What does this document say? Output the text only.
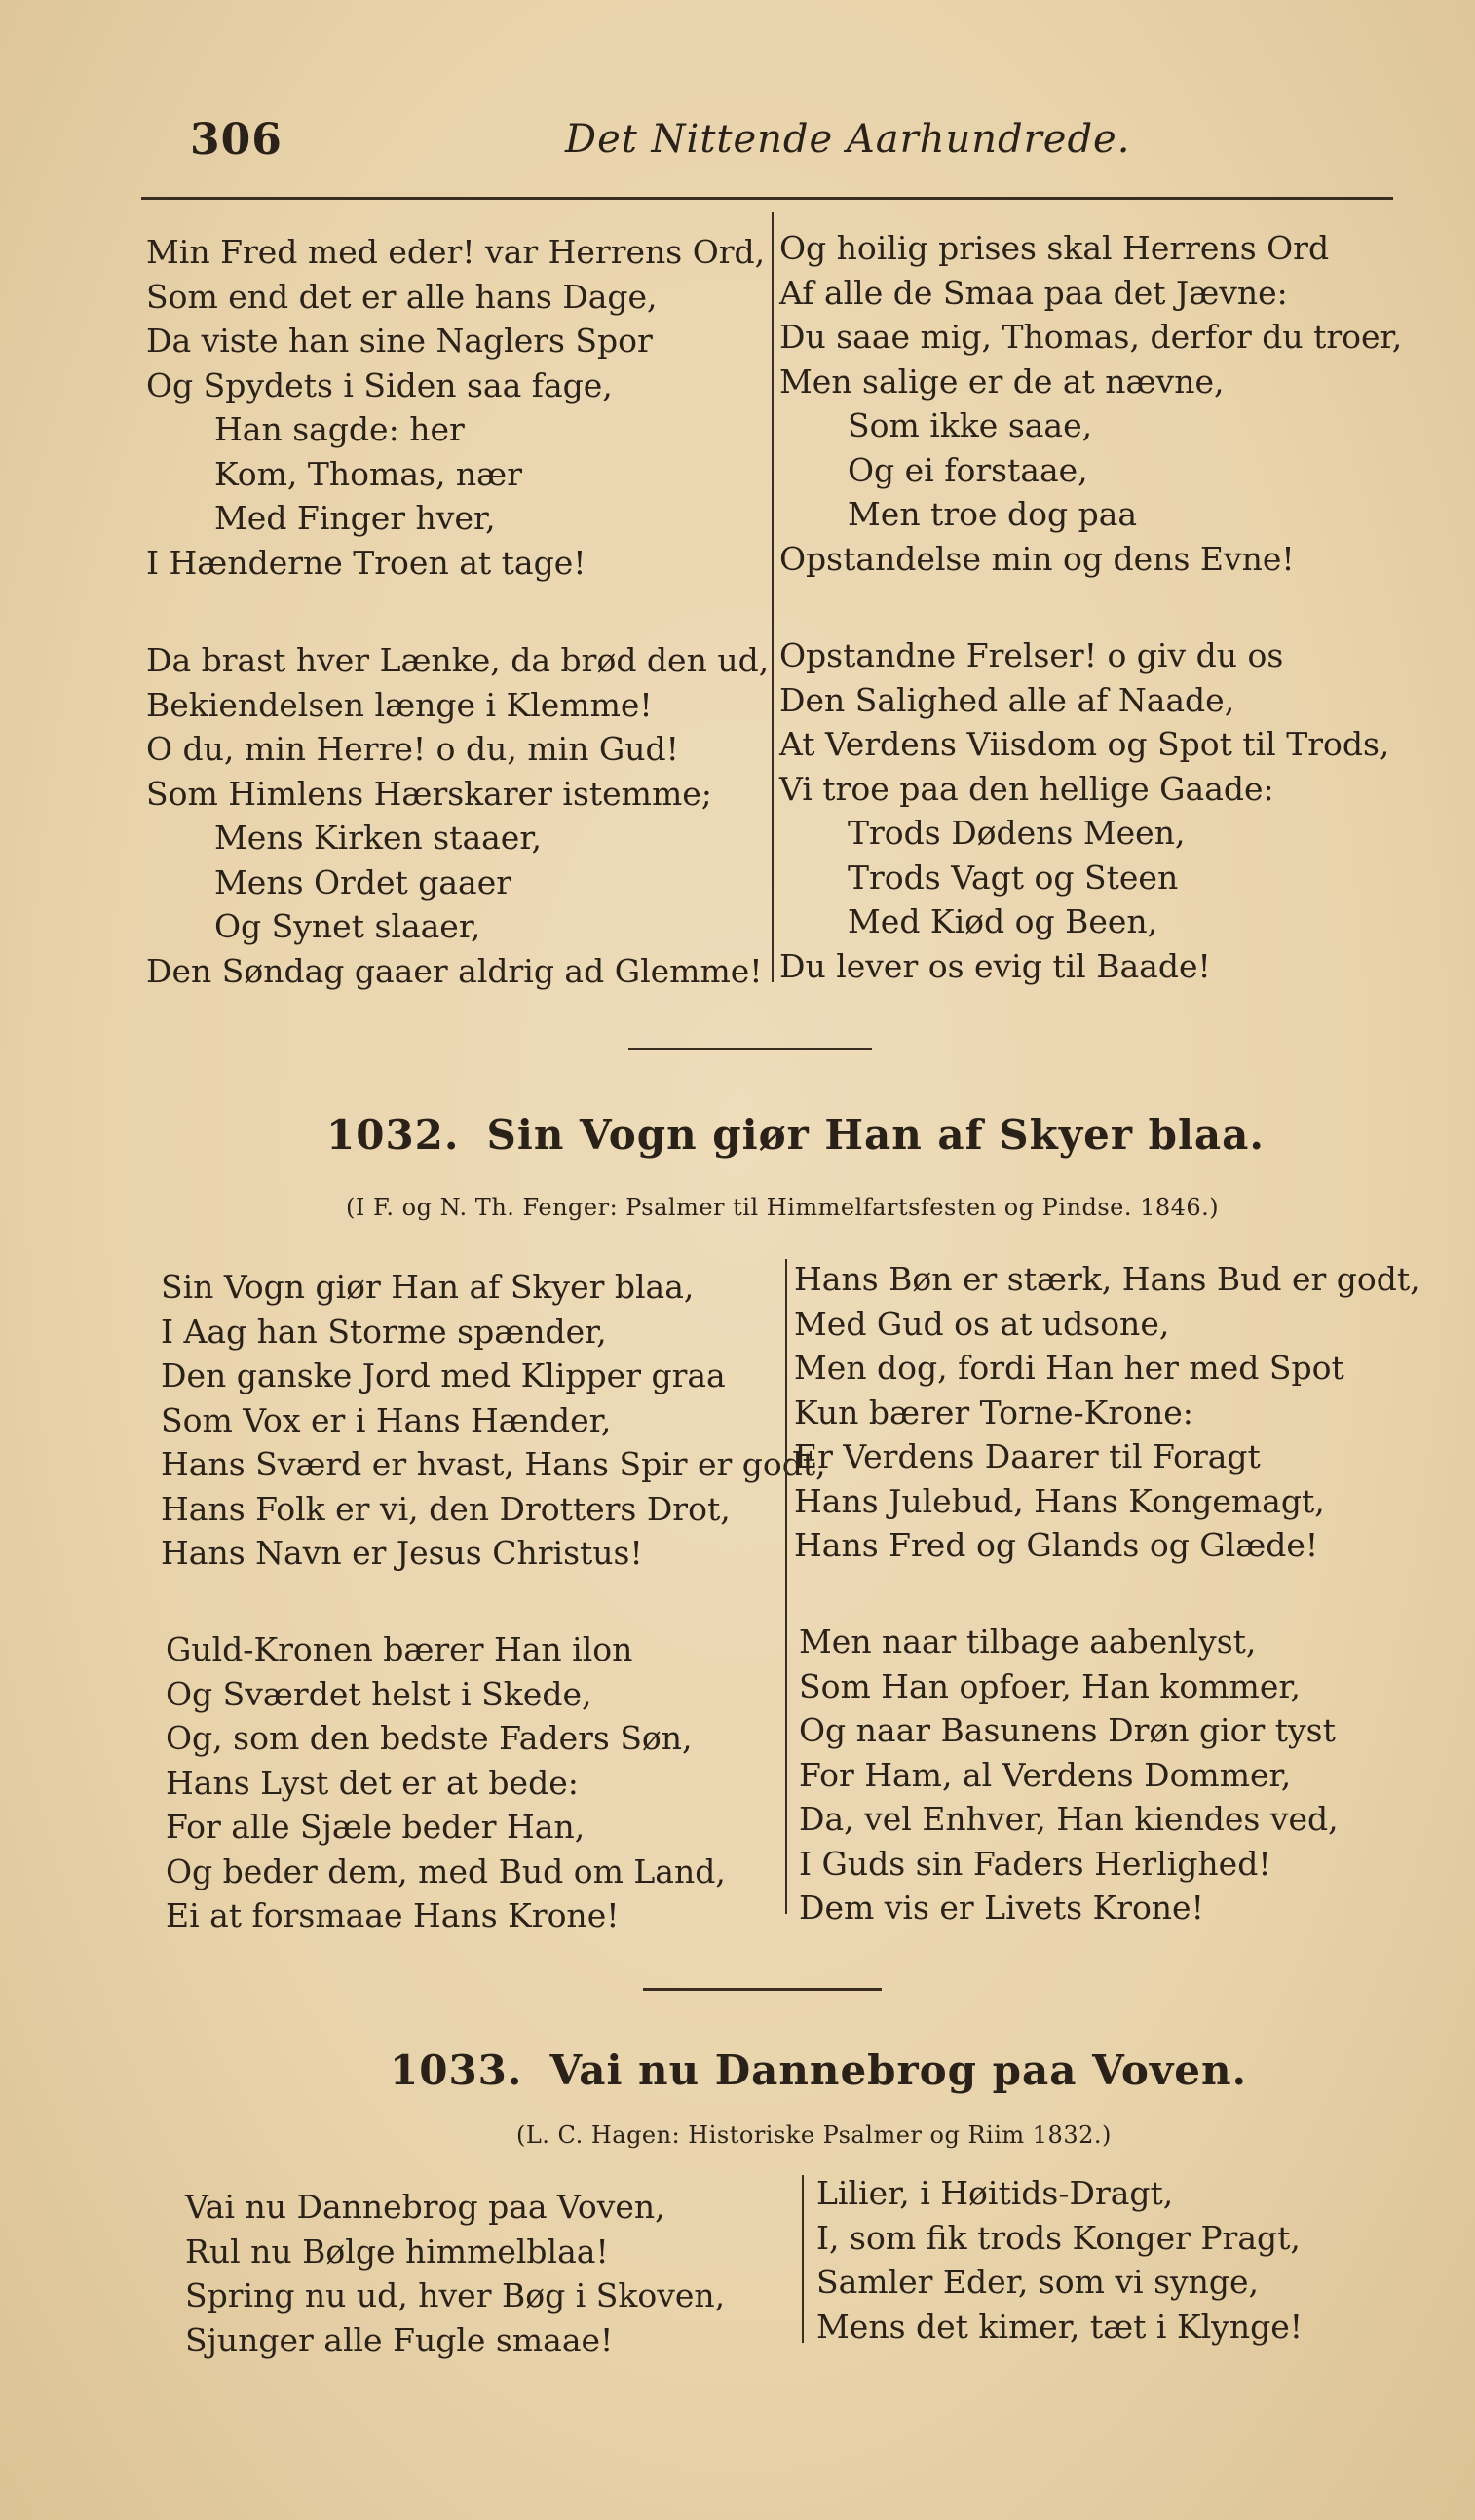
306	Det Nittende Aarhundrede.
Min Fred med eder! var Herrens Ord,
Som end det er alle hans Dage,
Da viste han sine Naglers Spor
Og Spydets i Siden saa fage,
Han sagde: her
Kom, Thomas, nær
Med Finger hver,
I Hænderne Troen at tage!
Da brast hver Lænke, da brød den ud,
Bekiendelsen længe i Klemme!
O du, min Herre! o du, min Gud!
Som Himlens Hærskarer istemme;
Mens Kirken staaer,
Mens Ordet gaaer
Og Synet slaaer,
Den Søndag gaaer aldrig ad Glemme!
Og hoilig prises skal Herrens Ord
Af alle de Smaa paa det Jævne:
Du saae mig, Thomas, derfor du troer,
Men salige er de at nævne,
Som ikke saae,
Og ei forstaae,
Men troe dog paa
Opstandelse min og dens Evne!
Opstandne Frelser! o giv du os
Den Salighed alle af Naade,
At Verdens Viisdom og Spot til Trods,
Vi troe paa den hellige Gaade:
Trods Dødens Meen,
Trods Vagt og Steen
Med Kiød og Been,
Du lever os evig til Baade!
1032. Sin Vogn giør Han af Skyer blaa.
(I F. og N. Th. Fenger: Psalmer til Himmelfartsfesten og Pindse. 1846.)
Sin Vogn giør Han af Skyer blaa,
I Aag han Storme spænder,
Den ganske Jord med Klipper graa
Som Vox er i Hans Hænder,
Hans Sværd er hvast, Hans Spir er godt,
Hans Folk er vi, den Drotters Drot,
Hans Navn er Jesus Christus!
Guld-Kronen bærer Han ilon
Og Sværdet helst i Skede,
Og, som den bedste Faders Søn,
Hans Lyst det er at bede:
For alle Sjæle beder Han,
Og beder dem, med Bud om Land,
Ei at forsmaae Hans Krone!
Hans Bøn er stærk, Hans Bud er godt,
Med Gud os at udsone,
Men dog, fordi Han her med Spot
Kun bærer Torne-Krone:
Er Verdens Daarer til Foragt
Hans Julebud, Hans Kongemagt,
Hans Fred og Glands og Glæde!
Men naar tilbage aabenlyst,
Som Han opfoer, Han kommer,
Og naar Basunens Drøn gior tyst
For Ham, al Verdens Dommer,
Da, vel Enhver, Han kiendes ved,
I Guds sin Faders Herlighed!
Dem vis er Livets Krone!
1033. Vai nu Dannebrog paa Voven.
(L. C. Hagen: Historiske Psalmer og Riim 1832.)
Vai nu Dannebrog paa Voven,
Rul nu Bølge himmelblaa!
Spring nu ud, hver Bøg i Skoven,
Sjunger alle Fugle smaae!
Lilier, i Høitids-Dragt,
I, som fik trods Konger Pragt,
Samler Eder, som vi synge,
Mens det kimer, tæt i Klynge!
